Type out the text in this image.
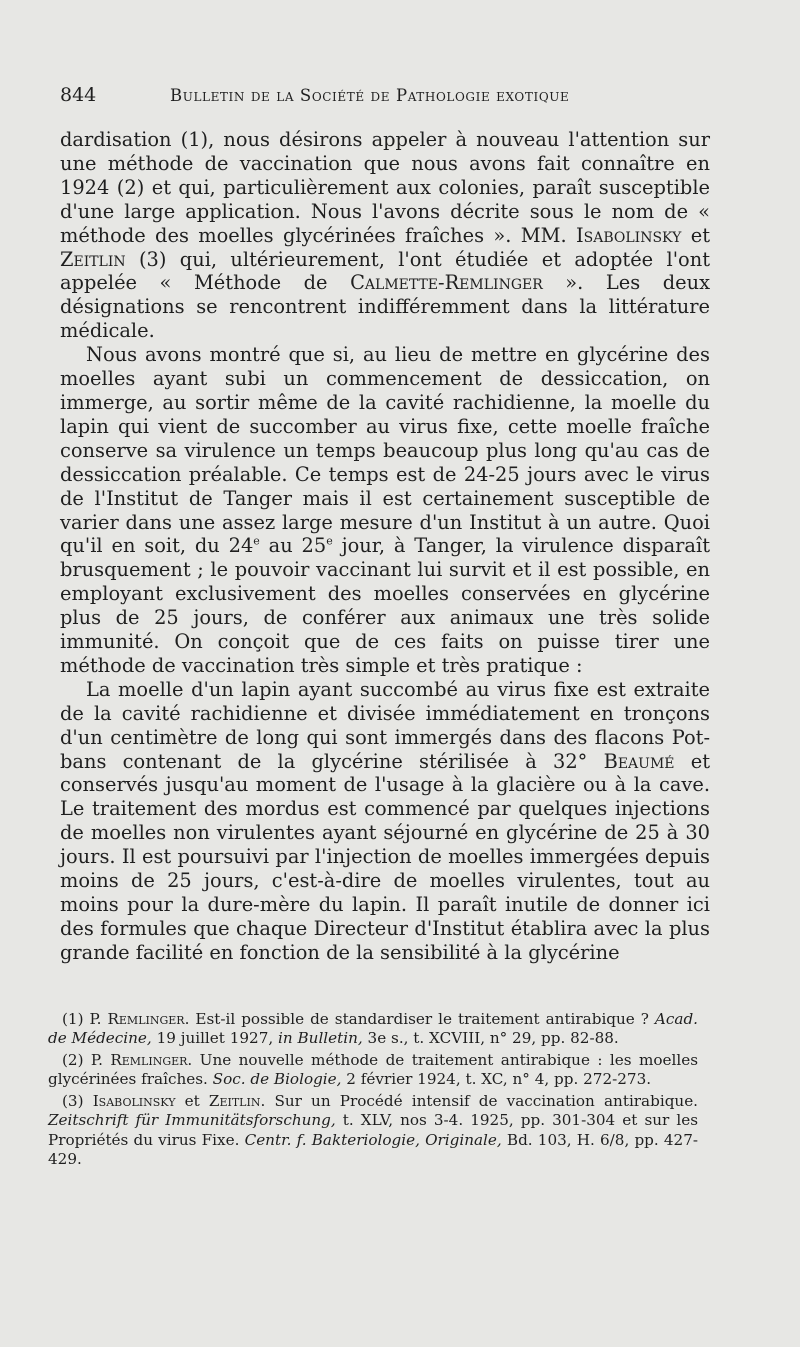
844	Bulletin de la Société de Pathologie exotique

dardisation (1), nous désirons appeler à nouveau l'attention sur une méthode de vaccination que nous avons fait connaître en 1924 (2) et qui, particulièrement aux colonies, paraît susceptible d'une large application. Nous l'avons décrite sous le nom de « méthode des moelles glycérinées fraîches ». MM. Isabolinsky et Zeitlin (3) qui, ultérieurement, l'ont étudiée et adoptée l'ont appelée « Méthode de Calmette-Remlinger ». Les deux désignations se rencontrent indifféremment dans la littérature médicale.

Nous avons montré que si, au lieu de mettre en glycérine des moelles ayant subi un commencement de dessiccation, on immerge, au sortir même de la cavité rachidienne, la moelle du lapin qui vient de succomber au virus fixe, cette moelle fraîche conserve sa virulence un temps beaucoup plus long qu'au cas de dessiccation préalable. Ce temps est de 24-25 jours avec le virus de l'Institut de Tanger mais il est certainement susceptible de varier dans une assez large mesure d'un Institut à un autre. Quoi qu'il en soit, du 24e au 25e jour, à Tanger, la virulence disparaît brusquement ; le pouvoir vaccinant lui survit et il est possible, en employant exclusivement des moelles conservées en glycérine plus de 25 jours, de conférer aux animaux une très solide immunité. On conçoit que de ces faits on puisse tirer une méthode de vaccination très simple et très pratique :

La moelle d'un lapin ayant succombé au virus fixe est extraite de la cavité rachidienne et divisée immédiatement en tronçons d'un centimètre de long qui sont immergés dans des flacons Pot-bans contenant de la glycérine stérilisée à 32° Beaumé et conservés jusqu'au moment de l'usage à la glacière ou à la cave. Le traitement des mordus est commencé par quelques injections de moelles non virulentes ayant séjourné en glycérine de 25 à 30 jours. Il est poursuivi par l'injection de moelles immergées depuis moins de 25 jours, c'est-à-dire de moelles virulentes, tout au moins pour la dure-mère du lapin. Il paraît inutile de donner ici des formules que chaque Directeur d'Institut établira avec la plus grande facilité en fonction de la sensibilité à la glycérine

(1) P. Remlinger. Est-il possible de standardiser le traitement antirabique ? Acad. de Médecine, 19 juillet 1927, in Bulletin, 3e s., t. XCVIII, n° 29, pp. 82-88.

(2) P. Remlinger. Une nouvelle méthode de traitement antirabique : les moelles glycérinées fraîches. Soc. de Biologie, 2 février 1924, t. XC, n° 4, pp. 272-273.

(3) Isabolinsky et Zeitlin. Sur un Procédé intensif de vaccination antirabique. Zeitschrift für Immunitätsforschung, t. XLV, nos 3-4. 1925, pp. 301-304 et sur les Propriétés du virus Fixe. Centr. f. Bakteriologie, Originale, Bd. 103, H. 6/8, pp. 427-429.
